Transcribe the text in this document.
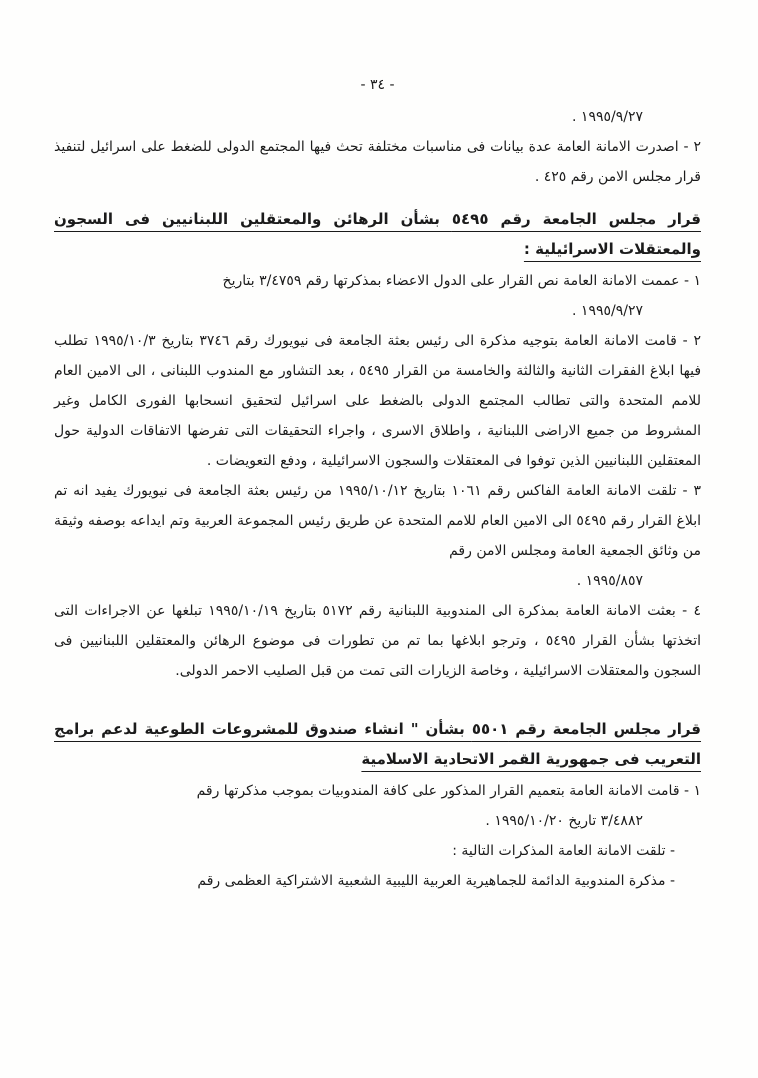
- ٣٤ -
١٩٩٥/٩/٢٧ .
٢ - اصدرت الامانة العامة عدة بيانات فى مناسبات مختلفة تحث فيها المجتمع الدولى للضغط على اسرائيل لتنفيذ قرار مجلس الامن رقم ٤٢٥ .
قرار مجلس الجامعة رقم ٥٤٩٥ بشأن الرهائن والمعتقلين اللبنانيين فى السجون والمعتقلات الاسرائيلية :
١ - عممت الامانة العامة نص القرار على الدول الاعضاء بمذكرتها رقم ٣/٤٧٥٩ بتاريخ
١٩٩٥/٩/٢٧ .
٢ - قامت الامانة العامة بتوجيه مذكرة الى رئيس بعثة الجامعة فى نيويورك رقم ٣٧٤٦ بتاريخ ١٩٩٥/١٠/٣ تطلب فيها ابلاغ الفقرات الثانية والثالثة والخامسة من القرار ٥٤٩٥ ، بعد التشاور مع المندوب اللبنانى ، الى الامين العام للامم المتحدة والتى تطالب المجتمع الدولى بالضغط على اسرائيل لتحقيق انسحابها الفورى الكامل وغير المشروط من جميع الاراضى اللبنانية ، واطلاق الاسرى ، واجراء التحقيقات التى تفرضها الاتفاقات الدولية حول المعتقلين اللبنانيين الذين توفوا فى المعتقلات والسجون الاسرائيلية ، ودفع التعويضات .
٣ - تلقت الامانة العامة الفاكس رقم ١٠٦١ بتاريخ ١٩٩٥/١٠/١٢ من رئيس بعثة الجامعة فى نيويورك يفيد انه تم ابلاغ القرار رقم ٥٤٩٥ الى الامين العام للامم المتحدة عن طريق رئيس المجموعة العربية وتم ايداعه بوصفه وثيقة من وثائق الجمعية العامة ومجلس الامن رقم
١٩٩٥/٨٥٧ .
٤ - بعثت الامانة العامة بمذكرة الى المندوبية اللبنانية رقم ٥١٧٢ بتاريخ ١٩٩٥/١٠/١٩ تبلغها عن الاجراءات التى اتخذتها بشأن القرار ٥٤٩٥ ، وترجو ابلاغها بما تم من تطورات فى موضوع الرهائن والمعتقلين اللبنانيين فى السجون والمعتقلات الاسرائيلية ، وخاصة الزيارات التى تمت من قبل الصليب الاحمر الدولى.
قرار مجلس الجامعة رقم ٥٥٠١ بشأن " انشاء صندوق للمشروعات الطوعية لدعم برامج التعريب فى جمهورية القمر الاتحادية الاسلامية
١ - قامت الامانة العامة بتعميم القرار المذكور على كافة المندوبيات بموجب مذكرتها رقم
٣/٤٨٨٢ تاريخ ١٩٩٥/١٠/٢٠ .
- تلقت الامانة العامة المذكرات التالية :
- مذكرة المندوبية الدائمة للجماهيرية العربية الليبية الشعبية الاشتراكية العظمى رقم
